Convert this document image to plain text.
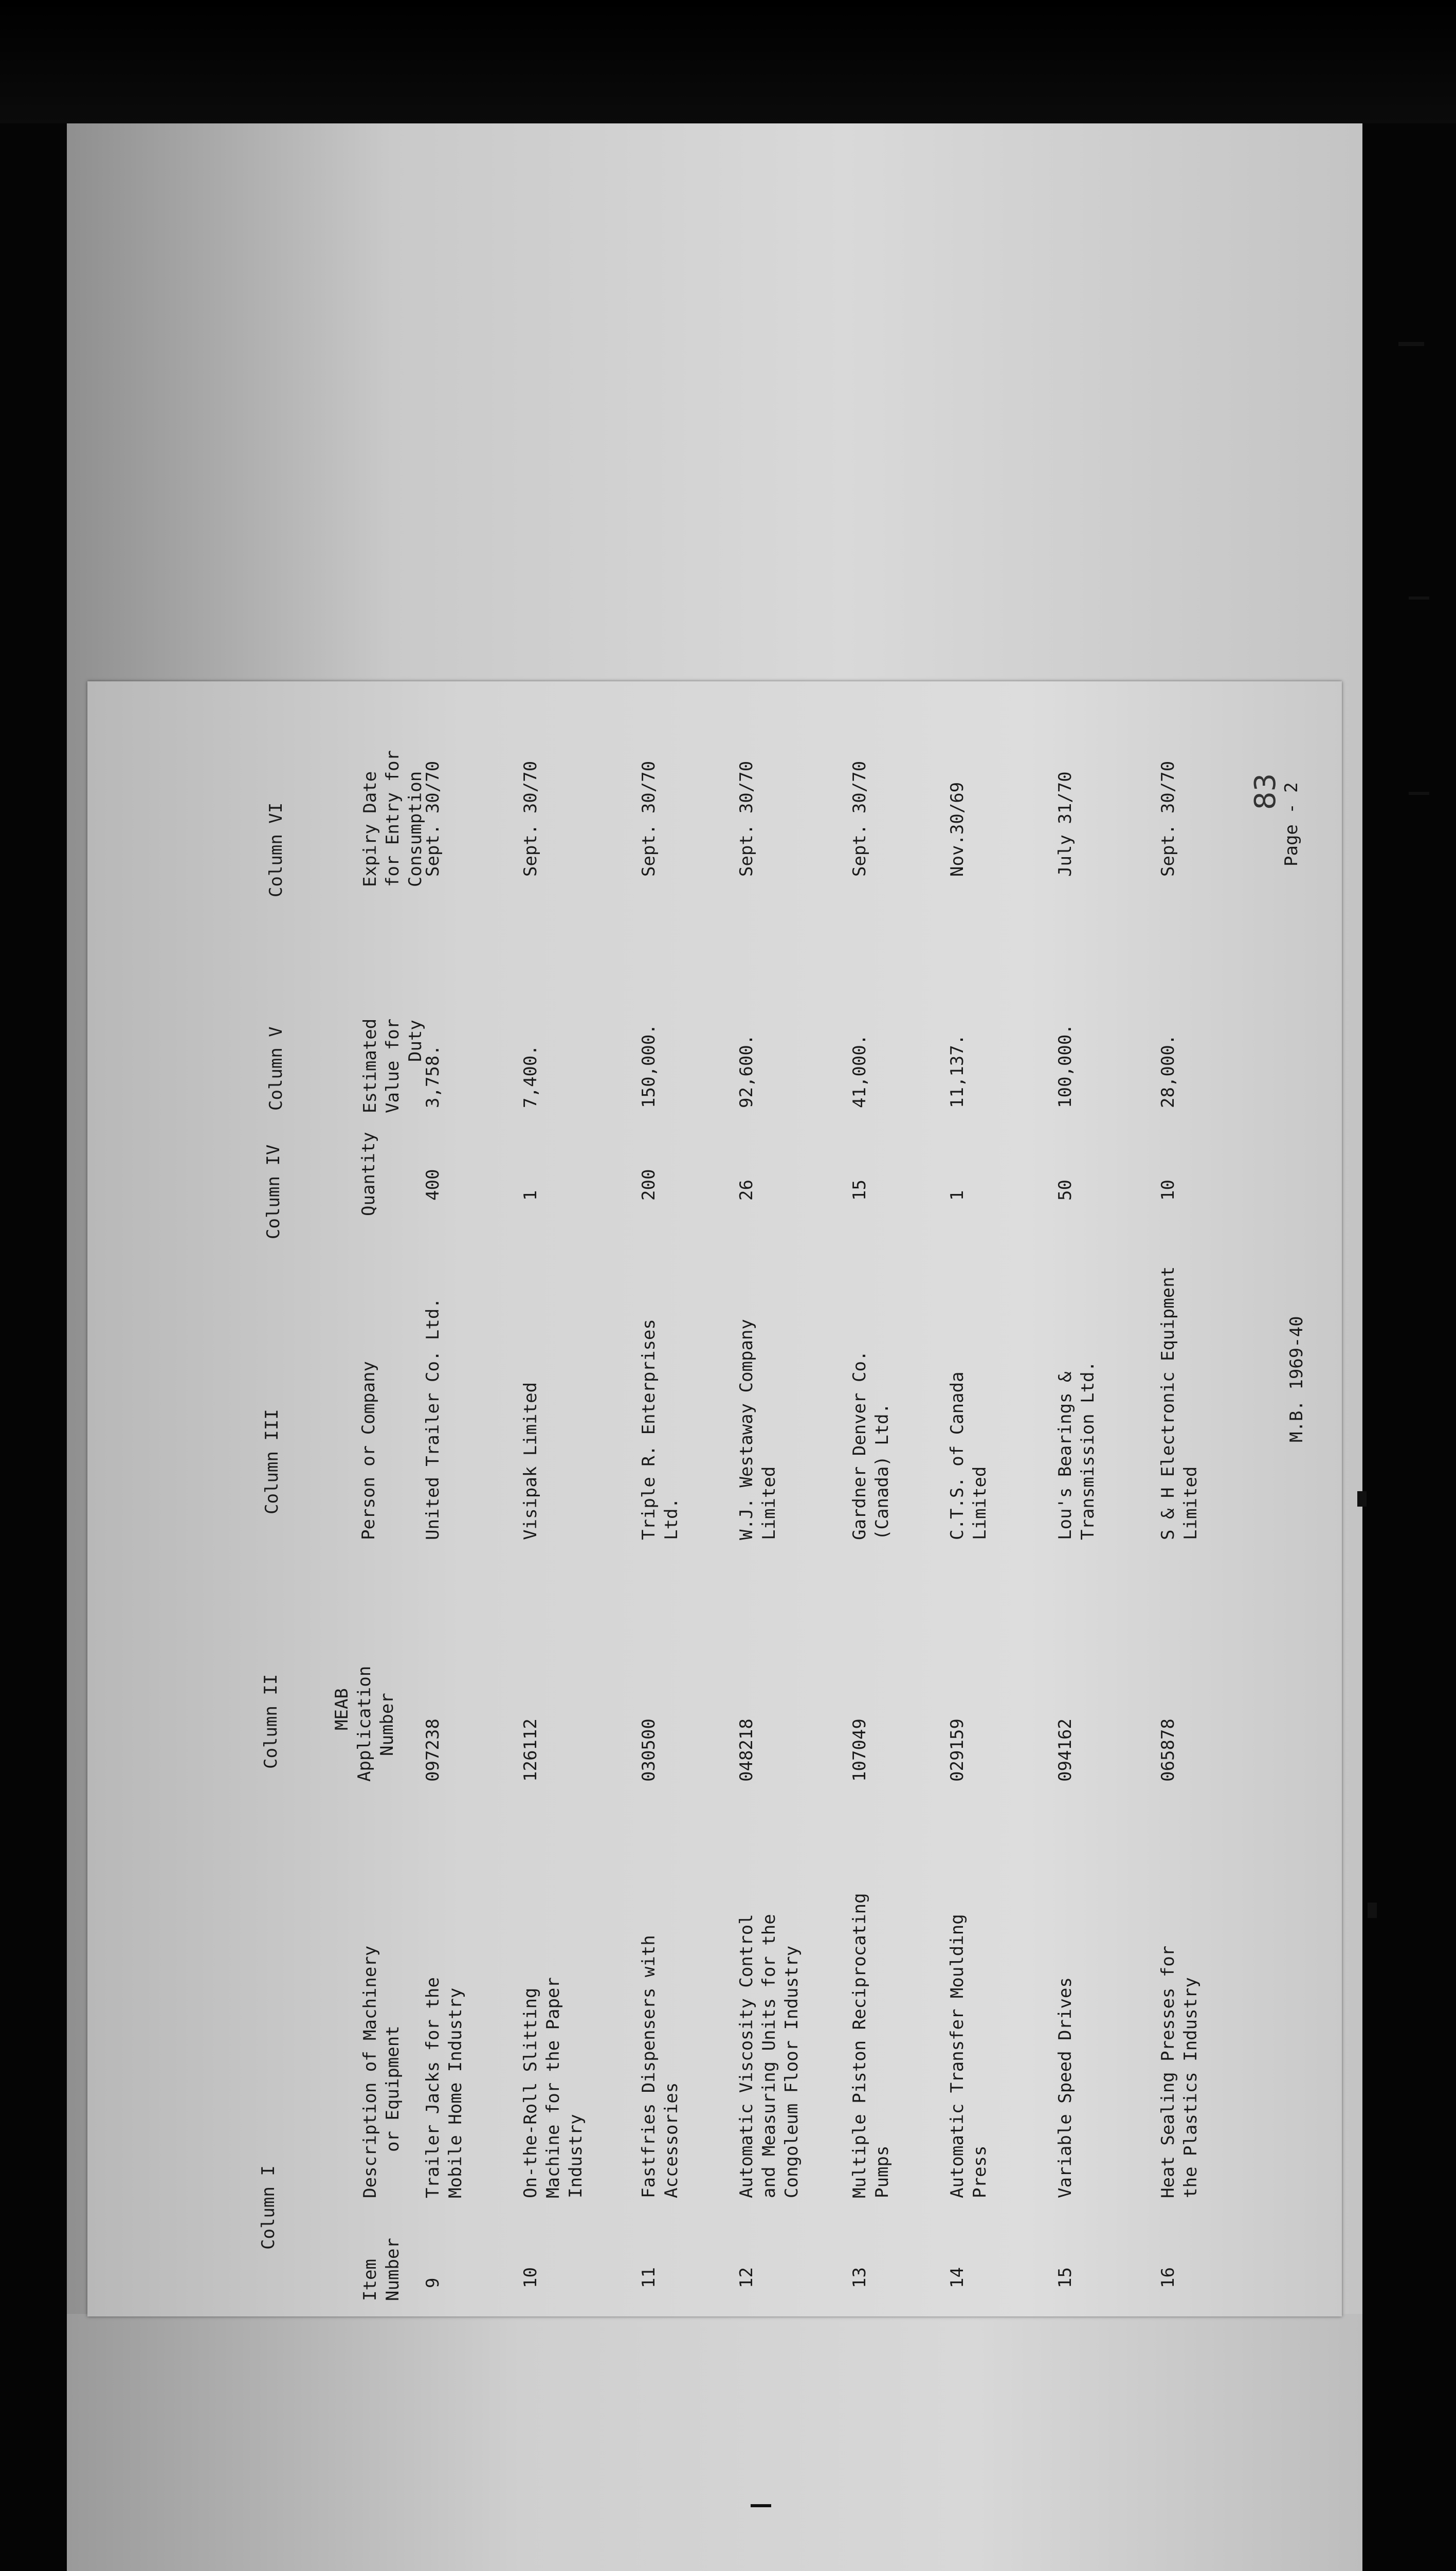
Page - 2
83
M.B. 1969-40
Column I
Column II
Column III
Column IV
Column V
Column VI

Item Number

Description of Machinery or Equipment

MEAB Application Number

Person or Company
Quantity

Estimated Value for Duty

Expiry Date for Entry for Consumption

9
Trailer Jacks for the Mobile Home Industry
097238
United Trailer Co. Ltd.
400
3,758.
Sept. 30/70
10
On-the-Roll Slitting Machine for the Paper Industry
126112
Visipak Limited
1
7,400.
Sept. 30/70
11
Fastfries Dispensers with Accessories
030500
Triple R. Enterprises Ltd.
200
150,000.
Sept. 30/70
12
Automatic Viscosity Control and Measuring Units for the Congoleum Floor Industry
048218
W.J. Westaway Company Limited
26
92,600.
Sept. 30/70
13
Multiple Piston Reciprocating Pumps
107049
Gardner Denver Co. (Canada) Ltd.
15
41,000.
Sept. 30/70
14
Automatic Transfer Moulding Press
029159
C.T.S. of Canada Limited
1
11,137.
Nov.30/69
15
Variable Speed Drives
094162
Lou's Bearings & Transmission Ltd.
50
100,000.
July 31/70
16
Heat Sealing Presses for the Plastics Industry
065878
S & H Electronic Equipment Limited
10
28,000.
Sept. 30/70
